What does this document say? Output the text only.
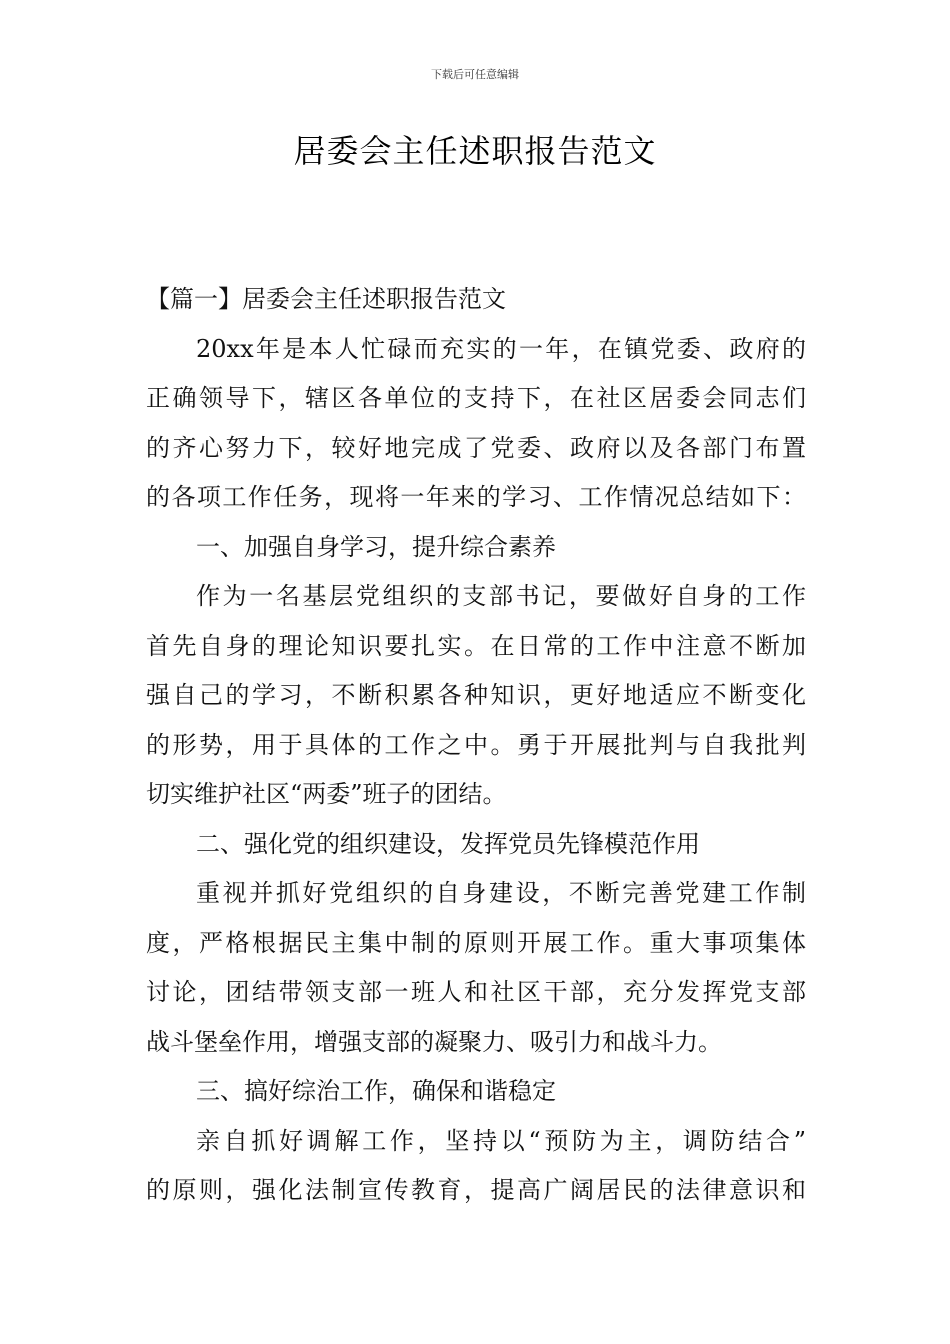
下载后可任意编辑
居委会主任述职报告范文
【篇一】居委会主任述职报告范文
20xx年是本人忙碌而充实的一年，在镇党委、政府的
正确领导下，辖区各单位的支持下，在社区居委会同志们
的齐心努力下，较好地完成了党委、政府以及各部门布置
的各项工作任务，现将一年来的学习、工作情况总结如下：
一、加强自身学习，提升综合素养
作为一名基层党组织的支部书记，要做好自身的工作
首先自身的理论知识要扎实。在日常的工作中注意不断加
强自己的学习，不断积累各种知识，更好地适应不断变化
的形势，用于具体的工作之中。勇于开展批判与自我批判
切实维护社区“两委”班子的团结。
二、强化党的组织建设，发挥党员先锋模范作用
重视并抓好党组织的自身建设，不断完善党建工作制
度，严格根据民主集中制的原则开展工作。重大事项集体
讨论，团结带领支部一班人和社区干部，充分发挥党支部
战斗堡垒作用，增强支部的凝聚力、吸引力和战斗力。
三、搞好综治工作，确保和谐稳定
亲自抓好调解工作，坚持以“预防为主，调防结合”
的原则，强化法制宣传教育，提高广阔居民的法律意识和
